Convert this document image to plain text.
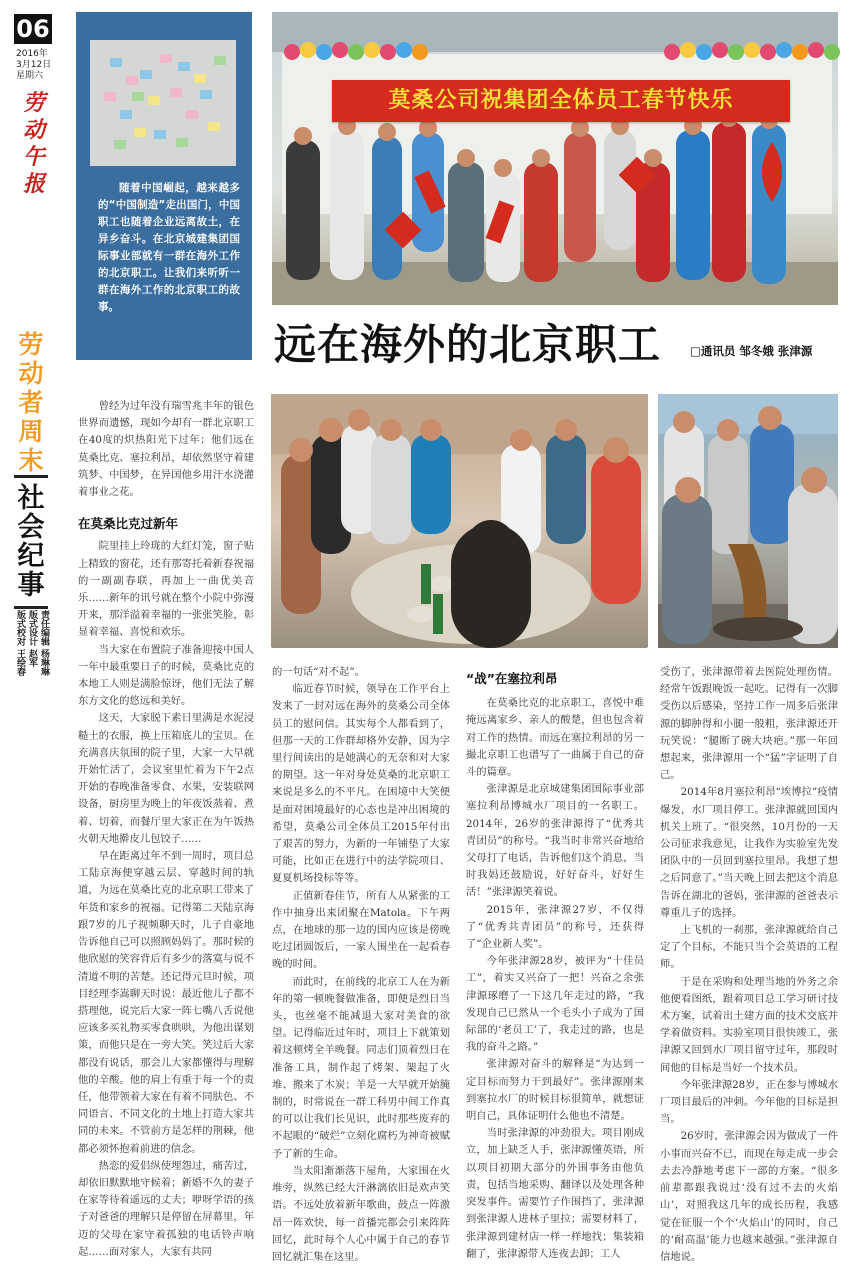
06
2016年
3月12日
星期六
劳动午报
劳动者周末
社会纪事
责任编辑 杨琳琳
版式设计 赵军
版式校对 王绘春
随着中国崛起，越来越多的“中国制造”走出国门，中国职工也随着企业远离故土，在异乡奋斗。在北京城建集团国际事业部就有一群在海外工作的北京职工。让我们来听听一群在海外工作的北京职工的故事。
莫桑公司祝集团全体员工春节快乐
远在海外的北京职工	□通讯员 邹冬娥 张津源

曾经为过年没有瑞雪兆丰年的银色世界而遗憾，现如今却有一群北京职工在40度的炽热阳光下过年；他们远在莫桑比克、塞拉利昂，却依然坚守着建筑梦、中国梦，在异国他乡用汗水浇灌着事业之花。

在莫桑比克过新年

院里挂上玲珑的大红灯笼，窗子贴上精致的窗花，还有那寄托着新春祝福的一副副春联，再加上一曲优美音乐……新年的讯号就在整个小院中弥漫开来，那洋溢着幸福的一张张笑脸，彰显着幸福、喜悦和欢乐。

当大家在布置院子准备迎接中国人一年中最重要日子的时候，莫桑比克的本地工人则是满脸惊讶，他们无法了解东方文化的悠远和美好。

这天，大家脱下素日里满是水泥浸糙土的衣服，换上压箱底儿的宝贝。在充满喜庆氛围的院子里，大家一大早就开始忙活了，会议室里忙着为下午2点开始的春晚准备零食、水果，安装联网设备，厨房里为晚上的年夜饭蒸着、煮着、切着，而餐厅里大家正在为午饭热火朝天地擀皮儿包饺子……

早在距离过年不到一周时，项目总工陆京海便穿越云层、穿越时间的轨道，为远在莫桑比克的北京职工带来了年货和家乡的祝福。记得第二天陆京海跟7岁的儿子视频聊天时，儿子自豪地告诉他自己可以照顾妈妈了。那时候的他欣慰的笑容背后有多少的落寞与说不清道不明的苦楚。还记得元旦时候，项目经理李嵩聊天时说：最近他儿子都不搭理他，说完后大家一阵七嘴八舌说他应该多买礼物买零食哄哄，为他出谋划策，而他只是在一旁大笑。笑过后大家都没有说话，那会儿大家都懂得与理解他的辛酸。他的肩上有重于每一个的责任，他带领着大家在有着不同肤色、不同语言、不同文化的土地上打造大家共同的未来。不管前方是怎样的荆棘，他都必须怀抱着前进的信念。

热恋的爱侣纵使埋怨过，痛苦过，却依旧默默地守候着；新婚不久的妻子在家等待着遥远的丈夫；咿呀学语的孩子对爸爸的理解只是停留在屏幕里，年迈的父母在家守着孤独的电话铃声响起……面对家人，大家有共同

的一句话“对不起”。

临近春节时候，领导在工作平台上发来了一封对远在海外的莫桑公司全体员工的慰问信。其实每个人都看到了，但那一天的工作群却格外安静，因为字里行间读出的是她满心的无奈和对大家的期望。这一年对身处莫桑的北京职工来说是多么的不平凡。在困境中大笑便是面对困境最好的心态也是冲出困境的希望，莫桑公司全体员工2015年付出了艰苦的努力，为新的一年铺垫了大家可能，比如正在进行中的法学院项目、夏夏机场投标等等。

正值新春佳节，所有人从紧张的工作中抽身出来团聚在Matola。下午两点，在地球的那一边的国内应该是傍晚吃过团圆饭后，一家人围坐在一起看春晚的时间。

而此时，在前线的北京工人在为新年的第一顿晚餐做准备，即便是烈日当头，也丝毫不能减退大家对美食的欲望。记得临近过年时，项目上下就策划着这顿烤全羊晚餐。同志们顶着烈日在准备工具，制作起了烤架、架起了火堆、搬来了木炭；羊是一大早就开始腌制的，时常说在一群工科男中间工作真的可以让我们长见识，此时那些废弃的不起眼的“破烂”立刻化腐朽为神奇被赋予了新的生命。

当太阳渐渐落下屋角，大家围在火堆旁，纵然已经大汗淋漓依旧是欢声笑语。不远处放着新年歌曲，鼓点一阵激昂一阵欢快，每一首播完都会引来阵阵回忆，此时每个人心中属于自己的春节回忆就汇集在这里。

“战”在塞拉利昂

在莫桑比克的北京职工，喜悦中难掩远离家乡、亲人的酸楚，但也包含着对工作的热情。而远在塞拉利昂的另一撮北京职工也谱写了一曲属于自己的奋斗的篇章。

张津源是北京城建集团国际事业部塞拉利昂博城水厂项目的一名职工。2014年，26岁的张津源得了“优秀共青团员”的称号。“我当时非常兴奋地给父母打了电话，告诉他们这个消息，当时我妈还鼓励说，好好奋斗，好好生活！”张津源笑着说。

2015年，张津源27岁，不仅得了“优秀共青团员”的称号，还获得了“企业新人奖”。

今年张津源28岁，被评为“十佳员工”，着实又兴奋了一把！兴奋之余张津源琢磨了一下这几年走过的路，“我发现自己已然从一个毛头小子成为了国际部的‘老员工’了，我走过的路，也是我的奋斗之路。”

张津源对奋斗的解释是“为达到一定目标而努力干到最好”。张津源刚来到塞拉水厂的时候目标很简单，就想证明自己，具体证明什么他也不清楚。

当时张津源的冲劲很大。项目刚成立，加上缺乏人手，张津源懂英语，所以项目初期大部分的外围事务由他负责，包括当地采购、翻译以及处理各种突发事件。需要竹子作围挡了，张津源到张津源人进林子里拉；需要材料了，张津源到建材店一样一样地找；集装箱翻了，张津源带人连夜去卸；工人

受伤了，张津源带着去医院处理伤情。经常午饭跟晚饭一起吃。记得有一次脚受伤以后感染，坚持工作一周多后张津源的脚肿得和小腿一般粗，张津源还开玩笑说：“腿断了碗大块疤。”那一年回想起来，张津源用一个“猛”字证明了自己。

2014年8月塞拉利昂“埃博拉”疫情爆发，水厂项目停工。张津源就回国内机关上班了。“很突然，10月份的一天公司征求我意见，让我作为实验室先发团队中的一员回到塞拉里昂。我想了想之后同意了。”当天晚上回去把这个消息告诉在湖北的爸妈，张津源的爸爸表示尊重儿子的选择。

上飞机的一刹那，张津源就给自己定了个目标，不能只当个会英语的工程师。

于是在采购和处理当地的外务之余他便看图纸，跟着项目总工学习研讨技术方案，试着出土建方面的技术交底并学着做资料。实验室项目很快竣工，张津源又回到水厂项目留守过年，那段时间他的目标是当好一个技术员。

今年张津源28岁，正在参与博城水厂项目最后的冲刺。今年他的目标是担当。

26岁时，张津源会因为做成了一件小事而兴奋不已，而现在每走成一步会去去冷静地考虑下一部的方案。“很多前辈都跟我说过‘没有过不去的火焰山’，对照我这几年的成长历程，我感觉在征服一个个‘火焰山’的同时，自己的‘耐高温’能力也越来越强。”张津源自信地说。
